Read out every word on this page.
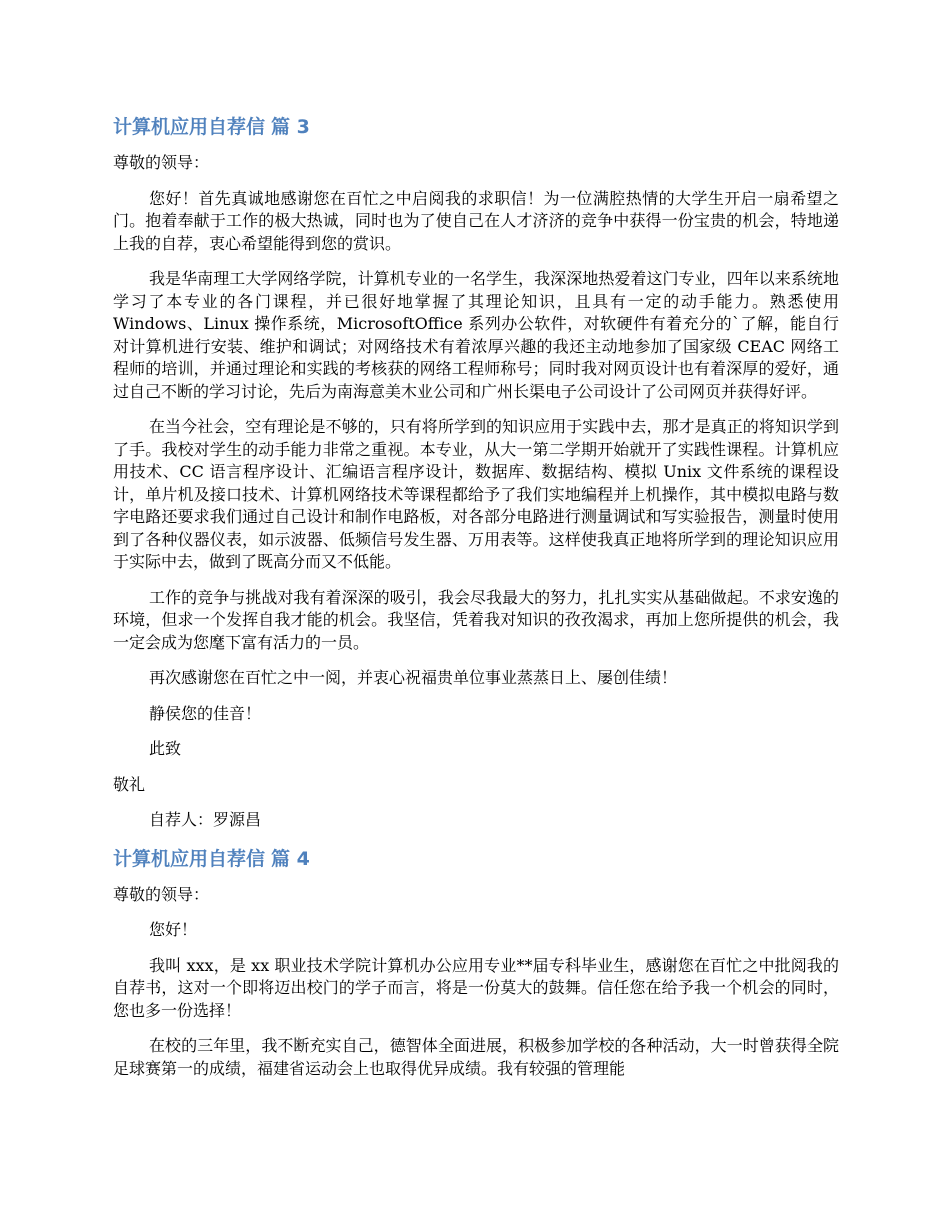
计算机应用自荐信 篇 3

尊敬的领导：

您好！首先真诚地感谢您在百忙之中启阅我的求职信！为一位满腔热情的大学生开启一扇希望之门。抱着奉献于工作的极大热诚，同时也为了使自己在人才济济的竞争中获得一份宝贵的机会，特地递上我的自荐，衷心希望能得到您的赏识。

我是华南理工大学网络学院，计算机专业的一名学生，我深深地热爱着这门专业，四年以来系统地学习了本专业的各门课程，并已很好地掌握了其理论知识，且具有一定的动手能力。熟悉使用 Windows、Linux 操作系统，MicrosoftOffice 系列办公软件，对软硬件有着充分的`了解，能自行对计算机进行安装、维护和调试；对网络技术有着浓厚兴趣的我还主动地参加了国家级 CEAC 网络工程师的培训，并通过理论和实践的考核获的网络工程师称号；同时我对网页设计也有着深厚的爱好，通过自己不断的学习讨论，先后为南海意美木业公司和广州长渠电子公司设计了公司网页并获得好评。

在当今社会，空有理论是不够的，只有将所学到的知识应用于实践中去，那才是真正的将知识学到了手。我校对学生的动手能力非常之重视。本专业，从大一第二学期开始就开了实践性课程。计算机应用技术、CC 语言程序设计、汇编语言程序设计，数据库、数据结构、模拟 Unix 文件系统的课程设计，单片机及接口技术、计算机网络技术等课程都给予了我们实地编程并上机操作，其中模拟电路与数字电路还要求我们通过自己设计和制作电路板，对各部分电路进行测量调试和写实验报告，测量时使用到了各种仪器仪表，如示波器、低频信号发生器、万用表等。这样使我真正地将所学到的理论知识应用于实际中去，做到了既高分而又不低能。

工作的竞争与挑战对我有着深深的吸引，我会尽我最大的努力，扎扎实实从基础做起。不求安逸的环境，但求一个发挥自我才能的机会。我坚信，凭着我对知识的孜孜渴求，再加上您所提供的机会，我一定会成为您麾下富有活力的一员。

再次感谢您在百忙之中一阅，并衷心祝福贵单位事业蒸蒸日上、屡创佳绩！

静侯您的佳音！

此致

敬礼

自荐人：罗源昌

计算机应用自荐信 篇 4

尊敬的领导：

您好！

我叫 xxx，是 xx 职业技术学院计算机办公应用专业**届专科毕业生，感谢您在百忙之中批阅我的自荐书，这对一个即将迈出校门的学子而言，将是一份莫大的鼓舞。信任您在给予我一个机会的同时，您也多一份选择！

在校的三年里，我不断充实自己，德智体全面进展，积极参加学校的各种活动，大一时曾获得全院足球赛第一的成绩，福建省运动会上也取得优异成绩。我有较强的管理能
